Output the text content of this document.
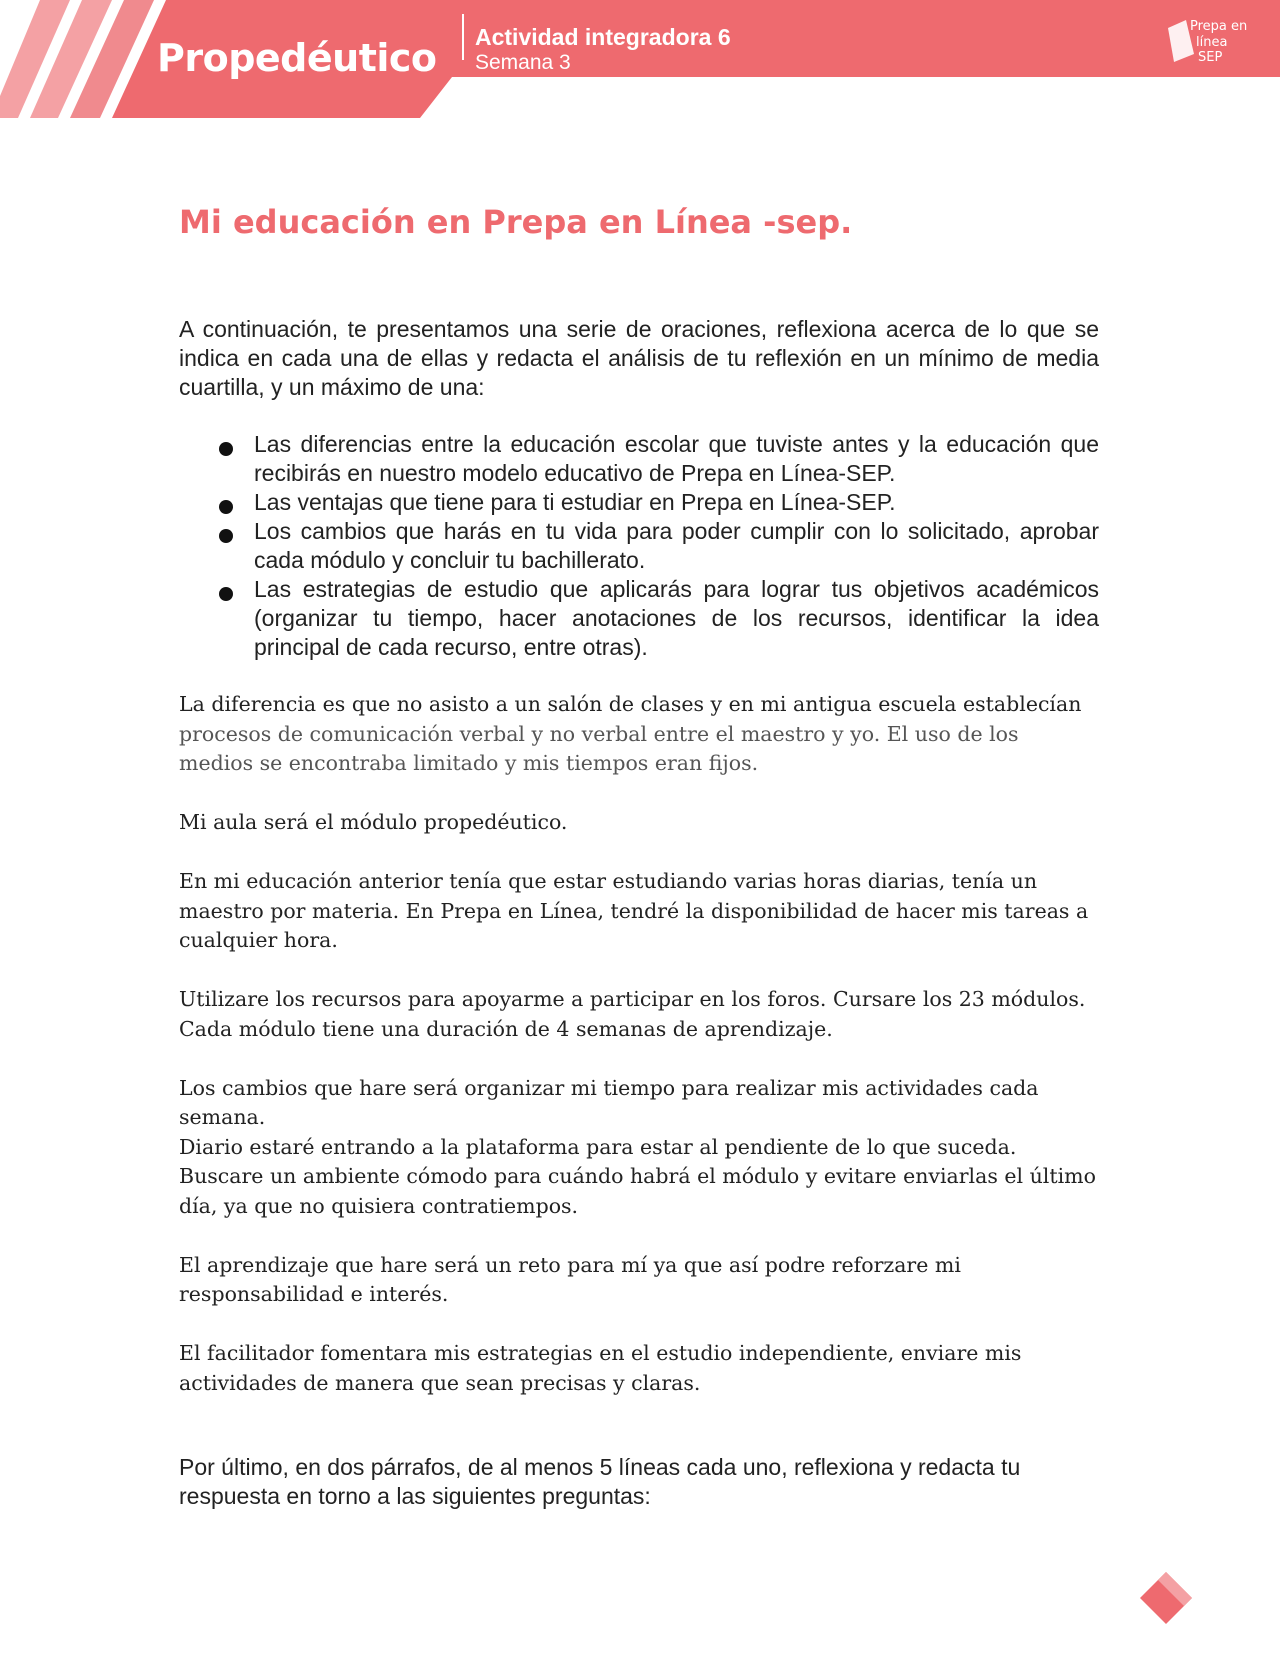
Propedéutico Actividad integradora 6
Semana 3
Prepa en
línea
SEP
Mi educación en Prepa en Línea -sep.

A continuación, te presentamos una serie de oraciones, reflexiona acerca de lo que se indica en cada una de ellas y redacta el análisis de tu reflexión en un mínimo de media cuartilla, y un máximo de una:

Las diferencias entre la educación escolar que tuviste antes y la educación que recibirás en nuestro modelo educativo de Prepa en Línea-SEP.
Las ventajas que tiene para ti estudiar en Prepa en Línea-SEP.
Los cambios que harás en tu vida para poder cumplir con lo solicitado, aprobar cada módulo y concluir tu bachillerato.
Las estrategias de estudio que aplicarás para lograr tus objetivos académicos (organizar tu tiempo, hacer anotaciones de los recursos, identificar la idea principal de cada recurso, entre otras).

La diferencia es que no asisto a un salón de clases y en mi antigua escuela establecían
procesos de comunicación verbal y no verbal entre el maestro y yo. El uso de los medios se encontraba limitado y mis tiempos eran fijos.

Mi aula será el módulo propedéutico.

En mi educación anterior tenía que estar estudiando varias horas diarias, tenía un maestro por materia. En Prepa en Línea, tendré la disponibilidad de hacer mis tareas a cualquier hora.

Utilizare los recursos para apoyarme a participar en los foros. Cursare los 23 módulos. Cada módulo tiene una duración de 4 semanas de aprendizaje.

Los cambios que hare será organizar mi tiempo para realizar mis actividades cada semana.
Diario estaré entrando a la plataforma para estar al pendiente de lo que suceda.
Buscare un ambiente cómodo para cuándo habrá el módulo y evitare enviarlas el último día, ya que no quisiera contratiempos.

El aprendizaje que hare será un reto para mí ya que así podre reforzare mi responsabilidad e interés.

El facilitador fomentara mis estrategias en el estudio independiente, enviare mis actividades de manera que sean precisas y claras.

Por último, en dos párrafos, de al menos 5 líneas cada uno, reflexiona y redacta tu respuesta en torno a las siguientes preguntas:
